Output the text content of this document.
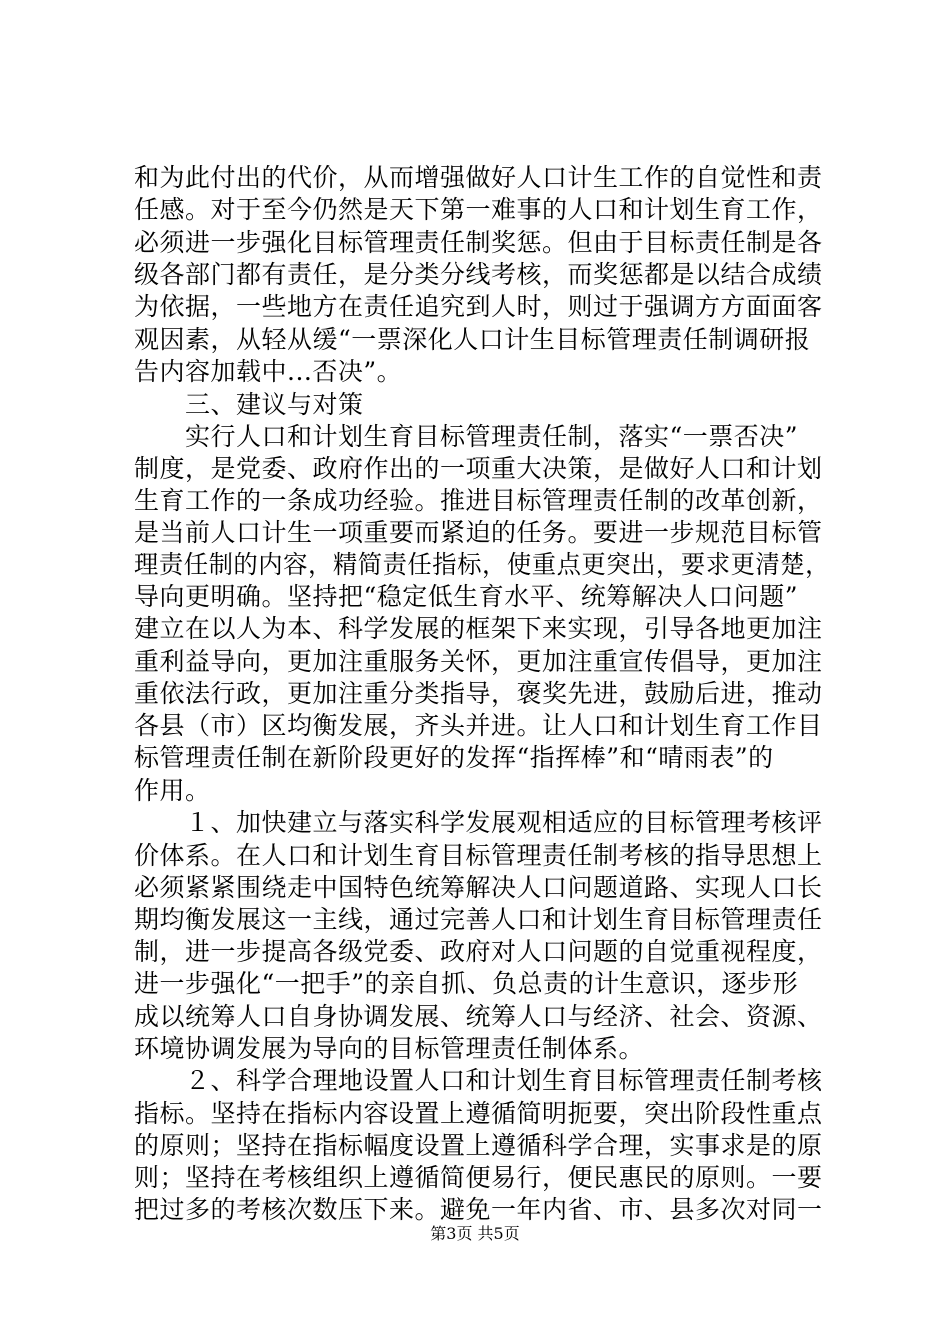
和为此付出的代价，从而增强做好人口计生工作的自觉性和责
任感。对于至今仍然是天下第一难事的人口和计划生育工作，
必须进一步强化目标管理责任制奖惩。但由于目标责任制是各
级各部门都有责任，是分类分线考核，而奖惩都是以结合成绩
为依据，一些地方在责任追究到人时，则过于强调方方面面客
观因素，从轻从缓“一票深化人口计生目标管理责任制调研报
告内容加载中...否决”。
　　三、建议与对策
　　实行人口和计划生育目标管理责任制，落实“一票否决”
制度，是党委、政府作出的一项重大决策，是做好人口和计划
生育工作的一条成功经验。推进目标管理责任制的改革创新，
是当前人口计生一项重要而紧迫的任务。要进一步规范目标管
理责任制的内容，精简责任指标，使重点更突出，要求更清楚，
导向更明确。坚持把“稳定低生育水平、统筹解决人口问题”
建立在以人为本、科学发展的框架下来实现，引导各地更加注
重利益导向，更加注重服务关怀，更加注重宣传倡导，更加注
重依法行政，更加注重分类指导，褒奖先进，鼓励后进，推动
各县（市）区均衡发展，齐头并进。让人口和计划生育工作目
标管理责任制在新阶段更好的发挥“指挥棒”和“晴雨表”的
作用。
　　１、加快建立与落实科学发展观相适应的目标管理考核评
价体系。在人口和计划生育目标管理责任制考核的指导思想上
必须紧紧围绕走中国特色统筹解决人口问题道路、实现人口长
期均衡发展这一主线，通过完善人口和计划生育目标管理责任
制，进一步提高各级党委、政府对人口问题的自觉重视程度，
进一步强化“一把手”的亲自抓、负总责的计生意识，逐步形
成以统筹人口自身协调发展、统筹人口与经济、社会、资源、
环境协调发展为导向的目标管理责任制体系。
　　２、科学合理地设置人口和计划生育目标管理责任制考核
指标。坚持在指标内容设置上遵循简明扼要，突出阶段性重点
的原则；坚持在指标幅度设置上遵循科学合理，实事求是的原
则；坚持在考核组织上遵循简便易行，便民惠民的原则。一要
把过多的考核次数压下来。避免一年内省、市、县多次对同一
第3页 共5页
